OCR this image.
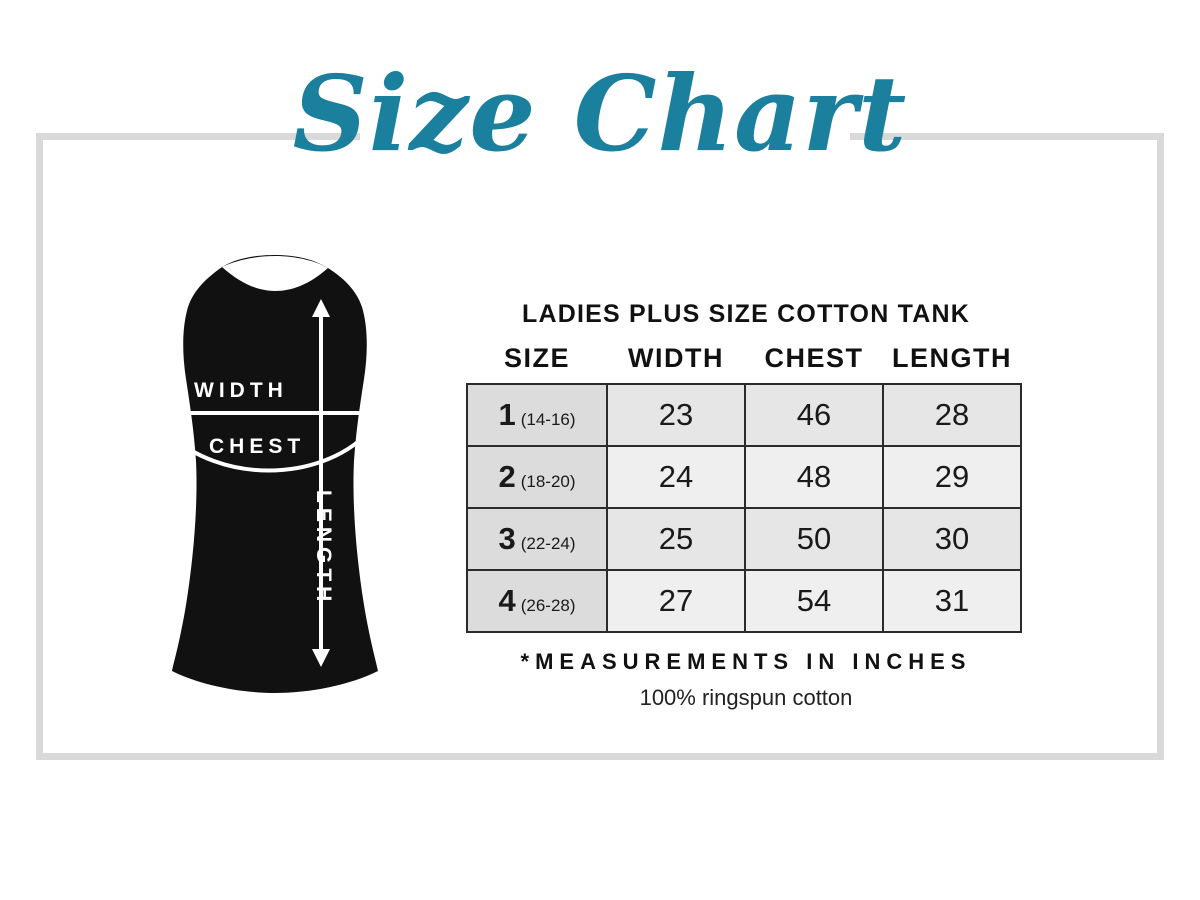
Size Chart
WIDTH
CHEST
LENGTH
LADIES PLUS SIZE COTTON TANK
SIZE	WIDTH	CHEST	LENGTH
1 (14-16)	23	46	28
2 (18-20)	24	48	29
3 (22-24)	25	50	30
4 (26-28)	27	54	31
*MEASUREMENTS IN INCHES
100% ringspun cotton
